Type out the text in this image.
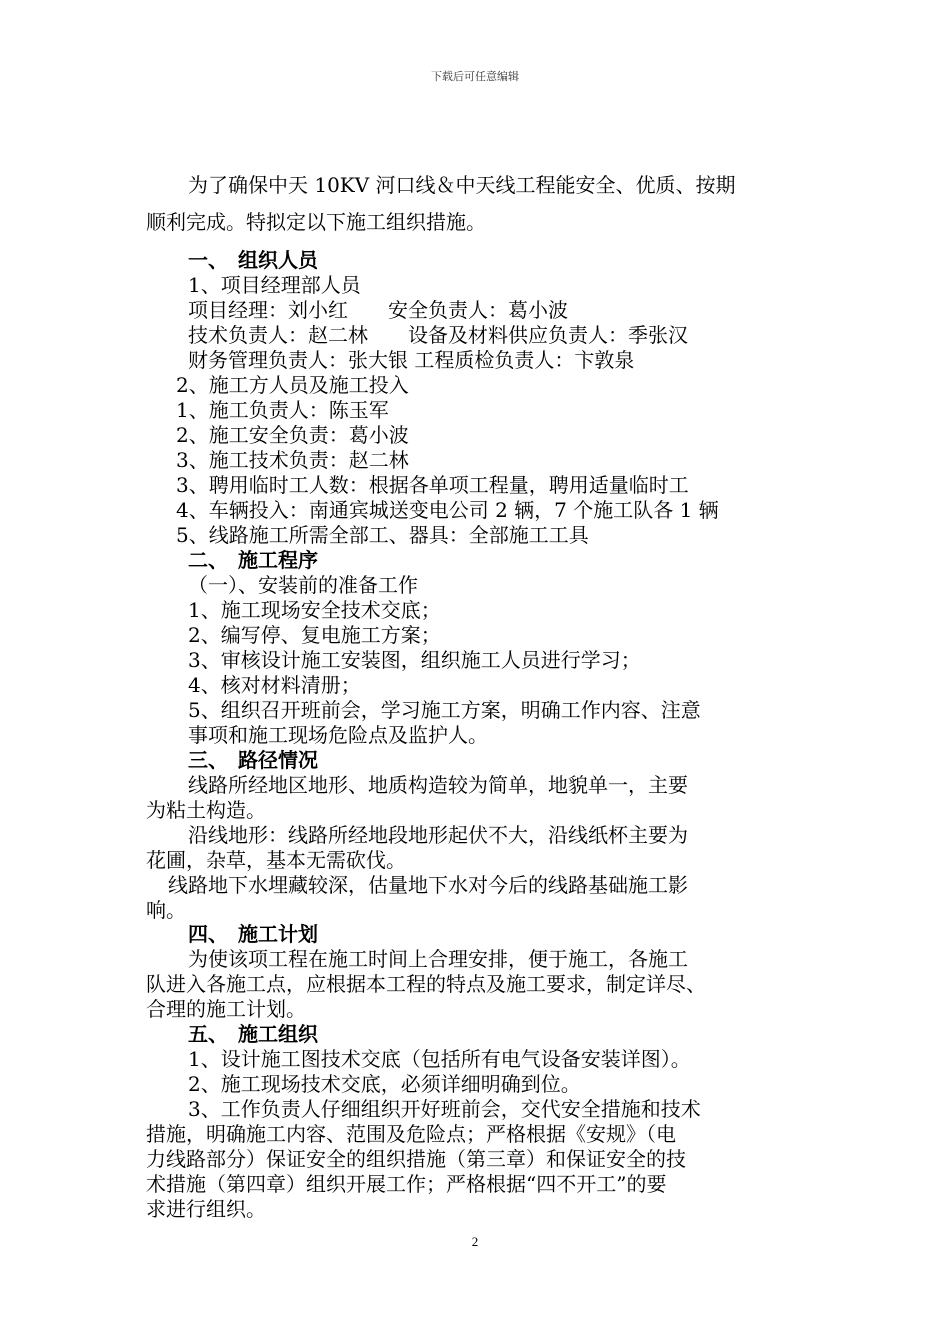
下载后可任意编辑
为了确保中天 10KV 河口线＆中天线工程能安全、优质、按期
顺利完成。特拟定以下施工组织措施。
一、　组织人员
1、项目经理部人员
项目经理：刘小红　　安全负责人：葛小波
技术负责人：赵二林　　设备及材料供应负责人：季张汉
财务管理负责人：张大银 工程质检负责人：卞敦泉
2、施工方人员及施工投入
1、施工负责人：陈玉军
2、施工安全负责：葛小波
3、施工技术负责：赵二林
3、聘用临时工人数：根据各单项工程量，聘用适量临时工
4、车辆投入：南通宾城送变电公司 2 辆，7 个施工队各 1 辆
5、线路施工所需全部工、器具：全部施工工具
二、　施工程序
（一）、安装前的准备工作
1、施工现场安全技术交底；
2、编写停、复电施工方案；
3、审核设计施工安装图，组织施工人员进行学习；
4、核对材料清册；
5、组织召开班前会，学习施工方案，明确工作内容、注意
事项和施工现场危险点及监护人。
三、　路径情况
线路所经地区地形、地质构造较为简单，地貌单一，主要
为粘土构造。
沿线地形：线路所经地段地形起伏不大，沿线纸杯主要为
花圃，杂草，基本无需砍伐。
线路地下水埋藏较深，估量地下水对今后的线路基础施工影
响。
四、　施工计划
为使该项工程在施工时间上合理安排，便于施工，各施工
队进入各施工点，应根据本工程的特点及施工要求，制定详尽、
合理的施工计划。
五、　施工组织
1、设计施工图技术交底（包括所有电气设备安装详图）。
2、施工现场技术交底，必须详细明确到位。
3、工作负责人仔细组织开好班前会，交代安全措施和技术
措施，明确施工内容、范围及危险点；严格根据《安规》（电
力线路部分）保证安全的组织措施（第三章）和保证安全的技
术措施（第四章）组织开展工作；严格根据“四不开工”的要
求进行组织。
2
